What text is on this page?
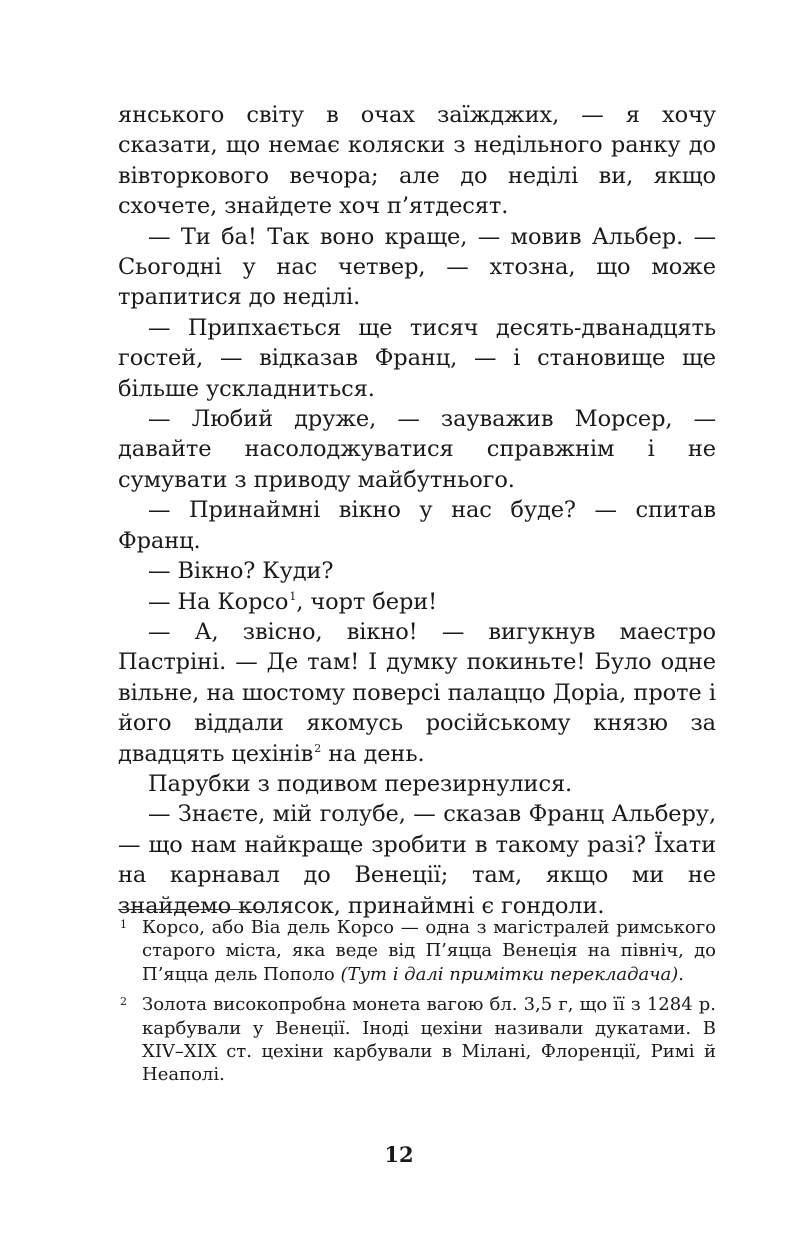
янського світу в очах заїжджих, — я хочу сказати, що немає коляски з недільного ранку до вівторкового вечора; але до неділі ви, якщо схочете, знайдете хоч п’ятдесят.

— Ти ба! Так воно краще, — мовив Альбер. — Сьогодні у нас четвер, — хтозна, що може трапитися до неділі.

— Припхається ще тисяч десять-дванадцять гостей, — відказав Франц, — і становище ще більше ускладниться.

— Любий друже, — зауважив Морсер, — давайте насолоджуватися справжнім і не сумувати з приводу майбутнього.

— Принаймні вікно у нас буде? — спитав Франц.

— Вікно? Куди?

— На Корсо$^1$, чорт бери!

— А, звісно, вікно! — вигукнув маестро Пастріні. — Де там! І думку покиньте! Було одне вільне, на шостому поверсі палаццо Доріа, проте і його віддали якомусь російському князю за двадцять цехінів$^2$ на день.

Парубки з подивом перезирнулися.

— Знаєте, мій голубе, — сказав Франц Альберу, — що нам найкраще зробити в такому разі? Їхати на карнавал до Венеції; там, якщо ми не знайдемо колясок, принаймні є гондоли.

1 Корсо, або Віа дель Корсо — одна з магістралей римського старого міста, яка веде від П’яцца Венеція на північ, до П’яцца дель Пополо (Тут і далі примітки перекладача).
2 Золота високопробна монета вагою бл. 3,5 г, що її з 1284 р. карбували у Венеції. Іноді цехіни називали дукатами. В XIV–XIX ст. цехіни карбували в Мілані, Флоренції, Римі й Неаполі.
12
